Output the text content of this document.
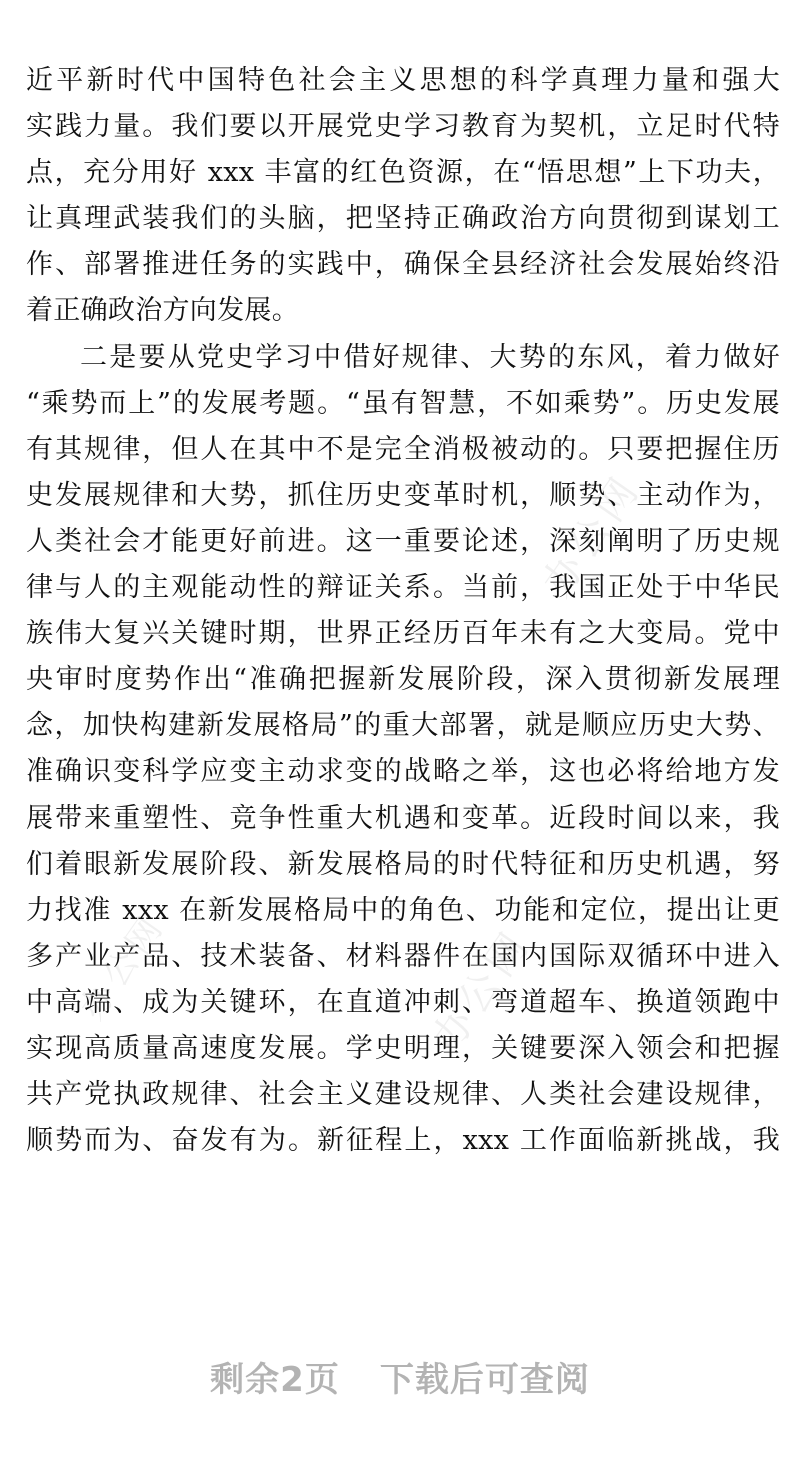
办公网
办公网
办公网
近平新时代中国特色社会主义思想的科学真理力量和强大
实践力量。我们要以开展党史学习教育为契机，立足时代特
点，充分用好 xxx 丰富的红色资源，在“悟思想”上下功夫，
让真理武装我们的头脑，把坚持正确政治方向贯彻到谋划工
作、部署推进任务的实践中，确保全县经济社会发展始终沿
着正确政治方向发展。
二是要从党史学习中借好规律、大势的东风，着力做好
“乘势而上”的发展考题。“虽有智慧，不如乘势”。历史发展
有其规律，但人在其中不是完全消极被动的。只要把握住历
史发展规律和大势，抓住历史变革时机，顺势、主动作为，
人类社会才能更好前进。这一重要论述，深刻阐明了历史规
律与人的主观能动性的辩证关系。当前，我国正处于中华民
族伟大复兴关键时期，世界正经历百年未有之大变局。党中
央审时度势作出“准确把握新发展阶段，深入贯彻新发展理
念，加快构建新发展格局”的重大部署，就是顺应历史大势、
准确识变科学应变主动求变的战略之举，这也必将给地方发
展带来重塑性、竞争性重大机遇和变革。近段时间以来，我
们着眼新发展阶段、新发展格局的时代特征和历史机遇，努
力找准 xxx 在新发展格局中的角色、功能和定位，提出让更
多产业产品、技术装备、材料器件在国内国际双循环中进入
中高端、成为关键环，在直道冲刺、弯道超车、换道领跑中
实现高质量高速度发展。学史明理，关键要深入领会和把握
共产党执政规律、社会主义建设规律、人类社会建设规律，
顺势而为、奋发有为。新征程上，xxx 工作面临新挑战，我
剩余2页 下载后可查阅
